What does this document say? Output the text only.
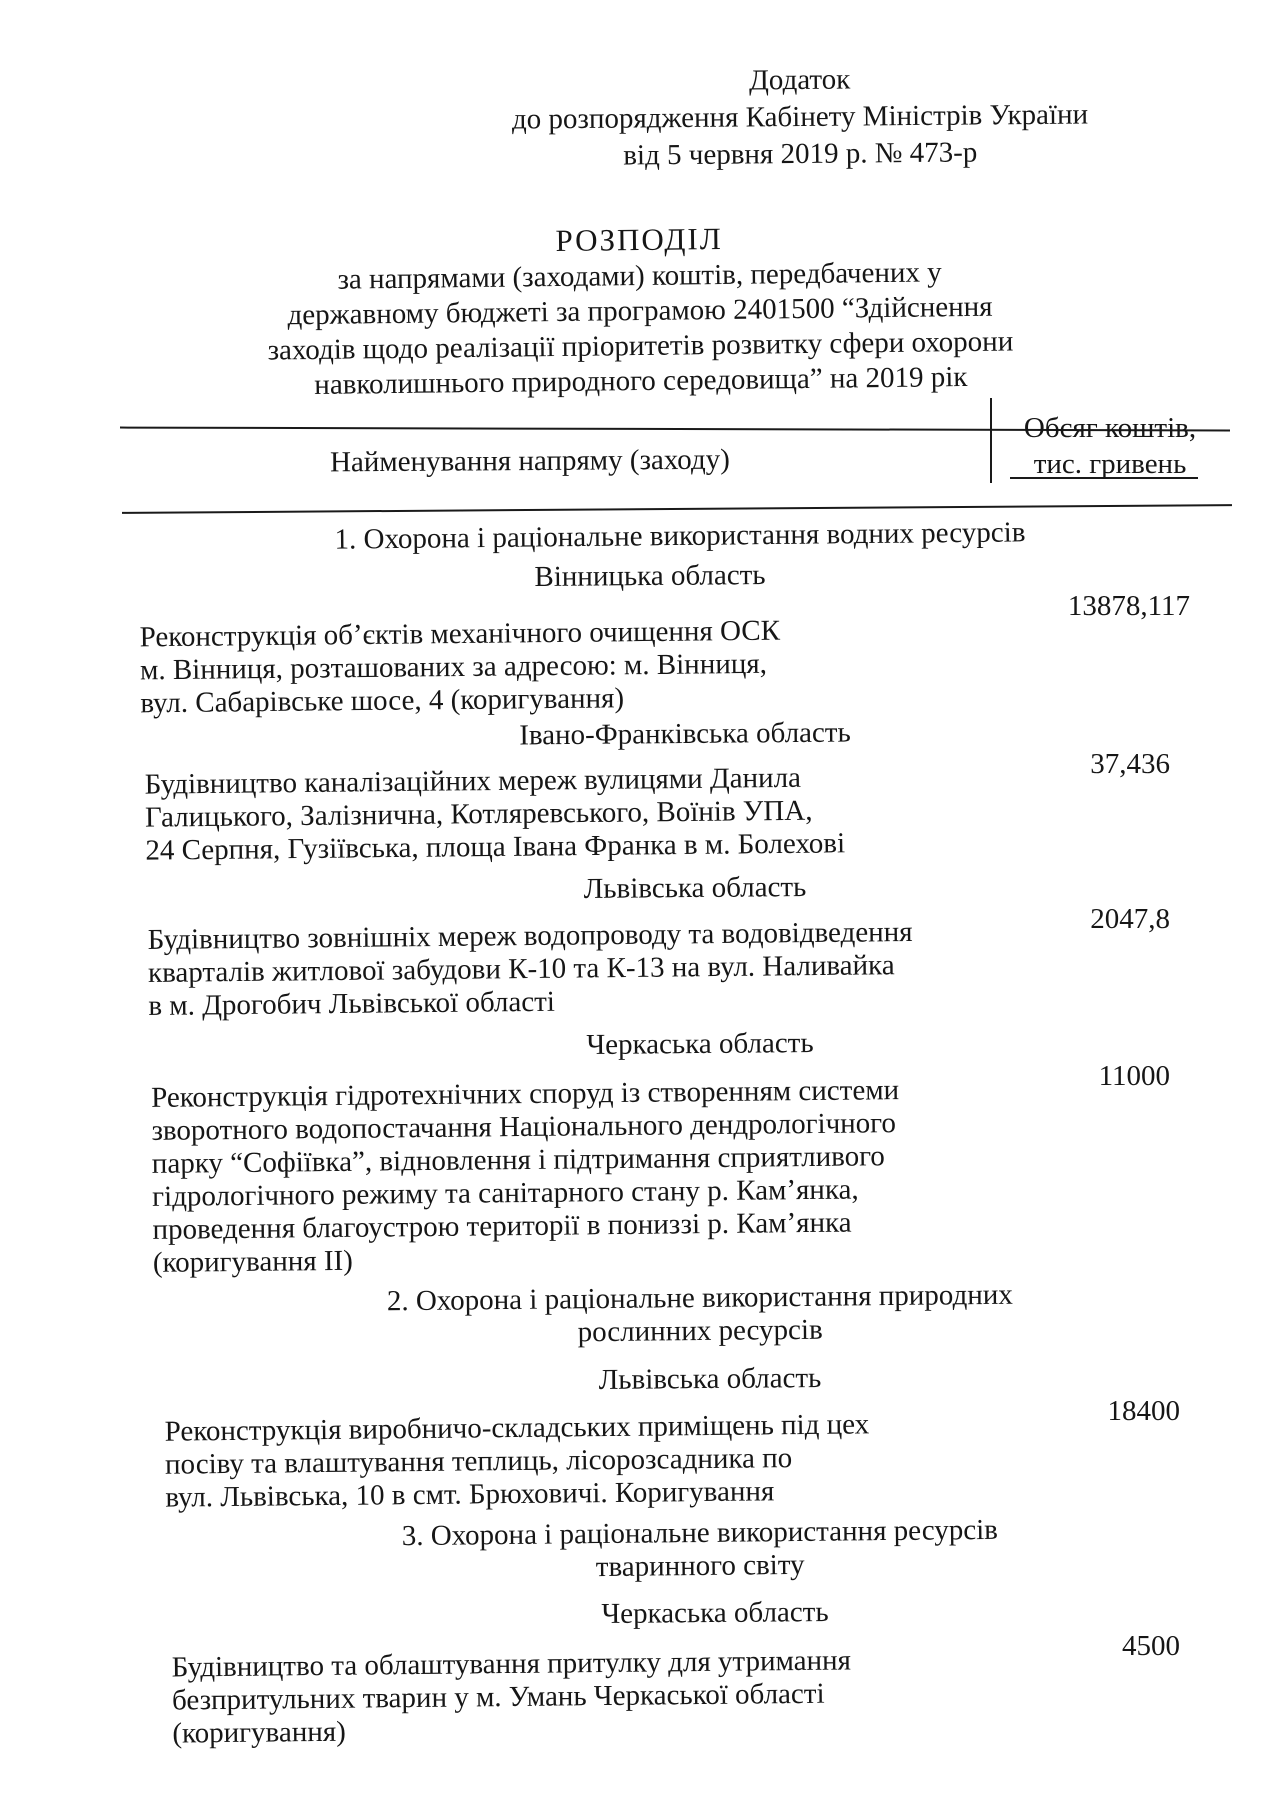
Додаток
до розпорядження Кабінету Міністрів України
від 5 червня 2019 р. № 473-р
РОЗПОДІЛ
за напрямами (заходами) коштів, передбачених у
державному бюджеті за програмою 2401500 “Здійснення
заходів щодо реалізації пріоритетів розвитку сфери охорони
навколишнього природного середовища” на 2019 рік
Найменування напряму (заходу)
Обсяг коштів,
тис. гривень
1. Охорона і раціональне використання водних ресурсів
Вінницька область
Реконструкція об’єктів механічного очищення ОСК
м. Вінниця, розташованих за адресою: м. Вінниця,
вул. Сабарівське шосе, 4 (коригування)
13878,117
Івано-Франківська область
Будівництво каналізаційних мереж вулицями Данила
Галицького, Залізнична, Котляревського, Воїнів УПА,
24 Серпня, Гузіївська, площа Івана Франка в м. Болехові
37,436
Львівська область
Будівництво зовнішніх мереж водопроводу та водовідведення
кварталів житлової забудови К-10 та К-13 на вул. Наливайка
в м. Дрогобич Львівської області
2047,8
Черкаська область
Реконструкція гідротехнічних споруд із створенням системи
зворотного водопостачання Національного дендрологічного
парку “Софіївка”, відновлення і підтримання сприятливого
гідрологічного режиму та санітарного стану р. Кам’янка,
проведення благоустрою території в пониззі р. Кам’янка
(коригування ІІ)
11000
2. Охорона і раціональне використання природних
рослинних ресурсів
Львівська область
Реконструкція виробничо-складських приміщень під цех
посіву та влаштування теплиць, лісорозсадника по
вул. Львівська, 10 в смт. Брюховичі. Коригування
18400
3. Охорона і раціональне використання ресурсів
тваринного світу
Черкаська область
Будівництво та облаштування притулку для утримання
безпритульних тварин у м. Умань Черкаської області
(коригування)
4500
